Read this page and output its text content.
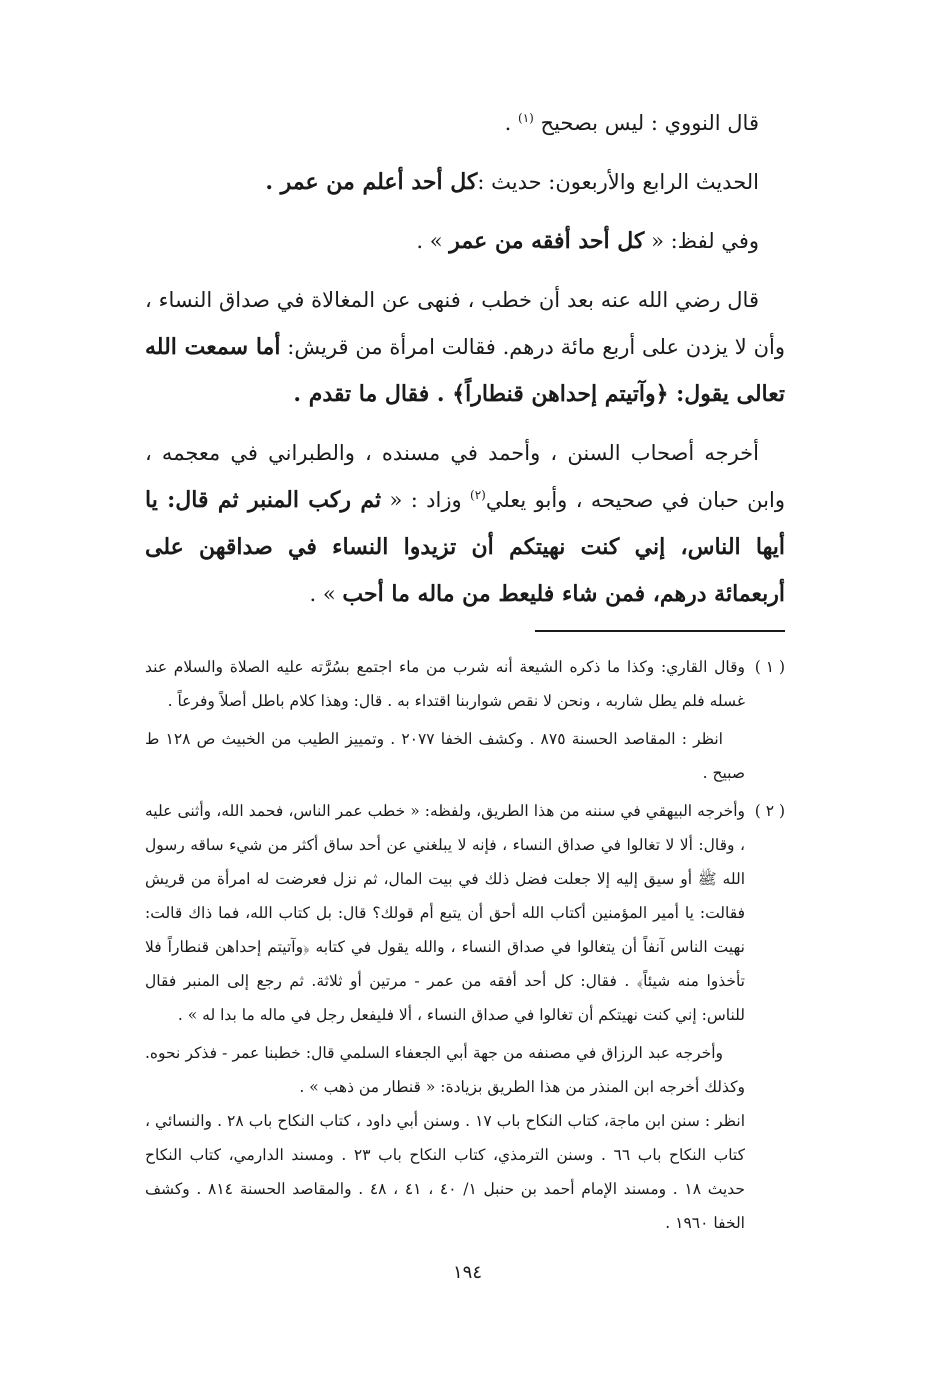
قال النووي : ليس بصحيح $^{(١)}$ .

الحديث الرابع والأربعون: حديث :كل أحد أعلم من عمر .

وفي لفظ: « كل أحد أفقه من عمر » .

قال رضي الله عنه بعد أن خطب ، فنهى عن المغالاة في صداق النساء ، وأن لا يزدن على أربع مائة درهم. فقالت امرأة من قريش: أما سمعت الله تعالى يقول: ﴿وآتيتم إحداهن قنطاراً﴾ . فقال ما تقدم .

أخرجه أصحاب السنن ، وأحمد في مسنده ، والطبراني في معجمه ، وابن حبان في صحيحه ، وأبو يعلي$^{(٢)}$ وزاد : « ثم ركب المنبر ثم قال: يا أيها الناس، إني كنت نهيتكم أن تزيدوا النساء في صداقهن على أربعمائة درهم، فمن شاء فليعط من ماله ما أحب » .

( ١ )

وقال القاري: وكذا ما ذكره الشيعة أنه شرب من ماء اجتمع بسُرَّته عليه الصلاة والسلام عند غسله فلم يطل شاربه ، ونحن لا نقص شواربنا اقتداء به . قال: وهذا كلام باطل أصلاً وفرعاً .

انظر : المقاصد الحسنة ٨٧٥ . وكشف الخفا ٢٠٧٧ . وتمييز الطيب من الخبيث ص ١٢٨ ط صبيح .

( ٢ )

وأخرجه البيهقي في سننه من هذا الطريق، ولفظه: « خطب عمر الناس، فحمد الله، وأثنى عليه ، وقال: ألا لا تغالوا في صداق النساء ، فإنه لا يبلغني عن أحد ساق أكثر من شيء ساقه رسول الله ﷺ أو سيق إليه إلا جعلت فضل ذلك في بيت المال، ثم نزل فعرضت له امرأة من قريش فقالت: يا أمير المؤمنين أكتاب الله أحق أن يتبع أم قولك؟ قال: بل كتاب الله، فما ذاك قالت: نهيت الناس آنفاً أن يتغالوا في صداق النساء ، والله يقول في كتابه ﴿وآتيتم إحداهن قنطاراً فلا تأخذوا منه شيئاً﴾ . فقال: كل أحد أفقه من عمر - مرتين أو ثلاثة. ثم رجع إلى المنبر فقال للناس: إني كنت نهيتكم أن تغالوا في صداق النساء ، ألا فليفعل رجل في ماله ما بدا له » .

وأخرجه عبد الرزاق في مصنفه من جهة أبي الجعفاء السلمي قال: خطبنا عمر - فذكر نحوه. وكذلك أخرجه ابن المنذر من هذا الطريق بزيادة: « قنطار من ذهب » .

انظر : سنن ابن ماجة، كتاب النكاح باب ١٧ . وسنن أبي داود ، كتاب النكاح باب ٢٨ . والنسائي ، كتاب النكاح باب ٦٦ . وسنن الترمذي، كتاب النكاح باب ٢٣ . ومسند الدارمي، كتاب النكاح حديث ١٨ . ومسند الإمام أحمد بن حنبل ١/ ٤٠ ، ٤١ ، ٤٨ . والمقاصد الحسنة ٨١٤ . وكشف الخفا ١٩٦٠ .

١٩٤
